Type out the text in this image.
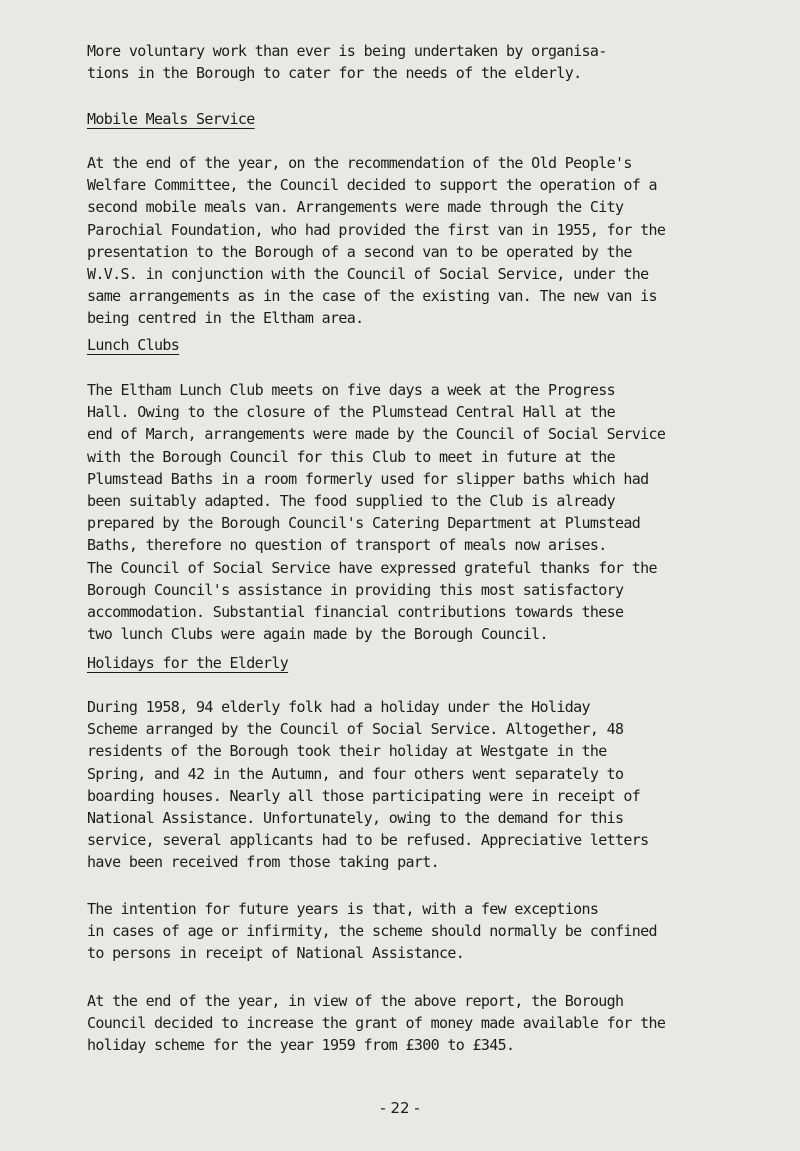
More voluntary work than ever is being undertaken by organisa-
tions in the Borough to cater for the needs of the elderly.

Mobile Meals Service

At the end of the year, on the recommendation of the Old People's
Welfare Committee, the Council decided to support the operation of a
second mobile meals van. Arrangements were made through the City
Parochial Foundation, who had provided the first van in 1955, for the
presentation to the Borough of a second van to be operated by the
W.V.S. in conjunction with the Council of Social Service, under the
same arrangements as in the case of the existing van. The new van is
being centred in the Eltham area.

Lunch Clubs

The Eltham Lunch Club meets on five days a week at the Progress
Hall. Owing to the closure of the Plumstead Central Hall at the
end of March, arrangements were made by the Council of Social Service
with the Borough Council for this Club to meet in future at the
Plumstead Baths in a room formerly used for slipper baths which had
been suitably adapted. The food supplied to the Club is already
prepared by the Borough Council's Catering Department at Plumstead
Baths, therefore no question of transport of meals now arises.
The Council of Social Service have expressed grateful thanks for the
Borough Council's assistance in providing this most satisfactory
accommodation. Substantial financial contributions towards these
two lunch Clubs were again made by the Borough Council.

Holidays for the Elderly

During 1958, 94 elderly folk had a holiday under the Holiday
Scheme arranged by the Council of Social Service. Altogether, 48
residents of the Borough took their holiday at Westgate in the
Spring, and 42 in the Autumn, and four others went separately to
boarding houses. Nearly all those participating were in receipt of
National Assistance. Unfortunately, owing to the demand for this
service, several applicants had to be refused. Appreciative letters
have been received from those taking part.

The intention for future years is that, with a few exceptions
in cases of age or infirmity, the scheme should normally be confined
to persons in receipt of National Assistance.

At the end of the year, in view of the above report, the Borough
Council decided to increase the grant of money made available for the
holiday scheme for the year 1959 from £300 to £345.

- 22 -
